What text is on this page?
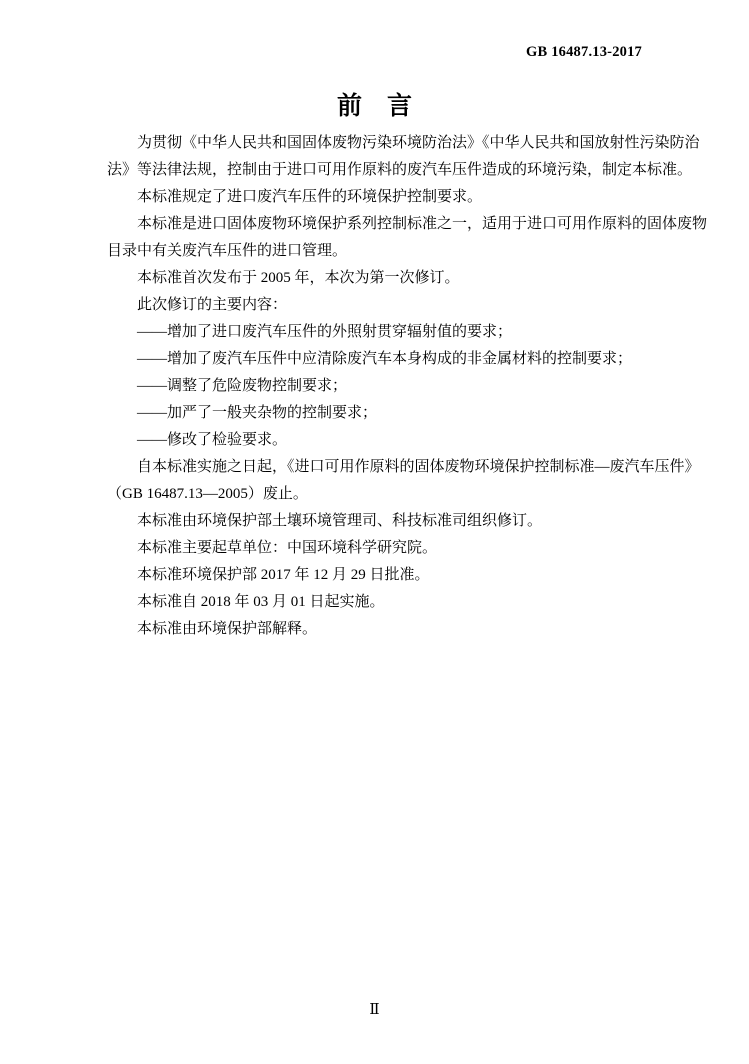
GB 16487.13-2017
前　言
为贯彻《中华人民共和国固体废物污染环境防治法》《中华人民共和国放射性污染防治
法》等法律法规，控制由于进口可用作原料的废汽车压件造成的环境污染，制定本标准。
本标准规定了进口废汽车压件的环境保护控制要求。
本标准是进口固体废物环境保护系列控制标准之一，适用于进口可用作原料的固体废物
目录中有关废汽车压件的进口管理。
本标准首次发布于 2005 年，本次为第一次修订。
此次修订的主要内容：
——增加了进口废汽车压件的外照射贯穿辐射值的要求；
——增加了废汽车压件中应清除废汽车本身构成的非金属材料的控制要求；
——调整了危险废物控制要求；
——加严了一般夹杂物的控制要求；
——修改了检验要求。
自本标准实施之日起，《进口可用作原料的固体废物环境保护控制标准—废汽车压件》
（GB 16487.13—2005）废止。
本标准由环境保护部土壤环境管理司、科技标准司组织修订。
本标准主要起草单位：中国环境科学研究院。
本标准环境保护部 2017 年 12 月 29 日批准。
本标准自 2018 年 03 月 01 日起实施。
本标准由环境保护部解释。
Ⅱ
